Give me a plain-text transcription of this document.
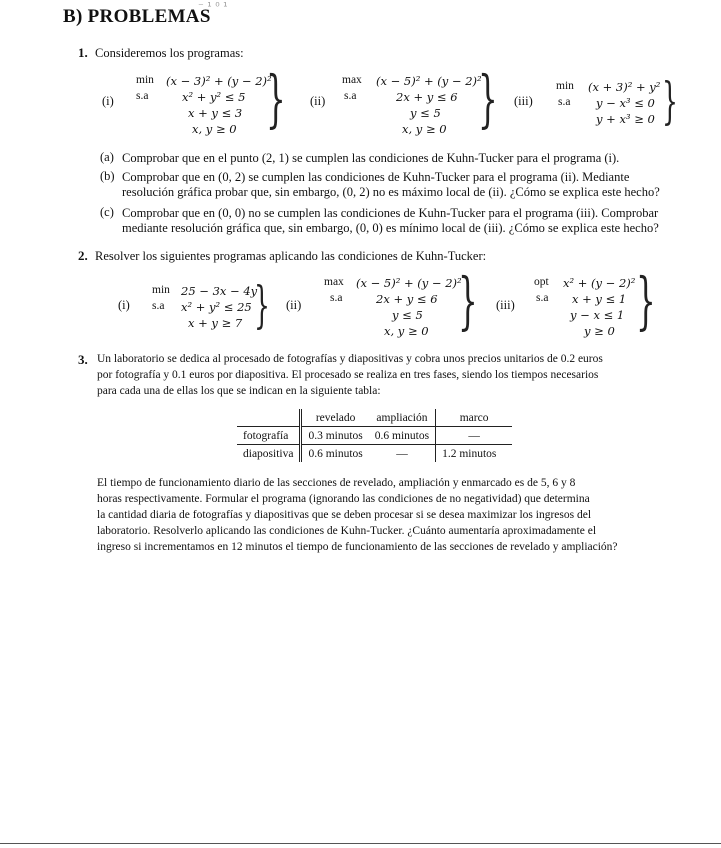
B) PROBLEMAS
⁻ ¹ ⁰ ¹
1. Consideremos los programas:
(i)
min
s.a
(x − 3)² + (y − 2)²
x² + y² ≤ 5
x + y ≤ 3
x, y ≥ 0 } (ii)
max
s.a
(x − 5)² + (y − 2)²
2x + y ≤ 6
y ≤ 5
x, y ≥ 0 } (iii)
min
s.a
(x + 3)² + y²
y − x³ ≤ 0
y + x³ ≥ 0 }
(a) Comprobar que en el punto (2, 1) se cumplen las condiciones de Kuhn-Tucker para el programa (i).
(b) Comprobar que en (0, 2) se cumplen las condiciones de Kuhn-Tucker para el programa (ii). Mediante
resolución gráfica probar que, sin embargo, (0, 2) no es máximo local de (ii). ¿Cómo se explica este hecho?
(c) Comprobar que en (0, 0) no se cumplen las condiciones de Kuhn-Tucker para el programa (iii). Comprobar
mediante resolución gráfica que, sin embargo, (0, 0) es mínimo local de (iii). ¿Cómo se explica este hecho?
2. Resolver los siguientes programas aplicando las condiciones de Kuhn-Tucker:
(i)
min
s.a
25 − 3x − 4y
x² + y² ≤ 25
x + y ≥ 7 } (ii)
max
s.a
(x − 5)² + (y − 2)²
2x + y ≤ 6
y ≤ 5
x, y ≥ 0 } (iii)
opt
s.a
x² + (y − 2)²
x + y ≤ 1
y − x ≤ 1
y ≥ 0 }
3. Un laboratorio se dedica al procesado de fotografías y diapositivas y cobra unos precios unitarios de 0.2 euros
por fotografía y 0.1 euros por diapositiva. El procesado se realiza en tres fases, siendo los tiempos necesarios
para cada una de ellas los que se indican en la siguiente tabla:
	revelado	ampliación	marco
fotografía	0.3 minutos	0.6 minutos	—
diapositiva	0.6 minutos	—	1.2 minutos
El tiempo de funcionamiento diario de las secciones de revelado, ampliación y enmarcado es de 5, 6 y 8
horas respectivamente. Formular el programa (ignorando las condiciones de no negatividad) que determina
la cantidad diaria de fotografías y diapositivas que se deben procesar si se desea maximizar los ingresos del
laboratorio. Resolverlo aplicando las condiciones de Kuhn-Tucker. ¿Cuánto aumentaría aproximadamente el
ingreso si incrementamos en 12 minutos el tiempo de funcionamiento de las secciones de revelado y ampliación?
